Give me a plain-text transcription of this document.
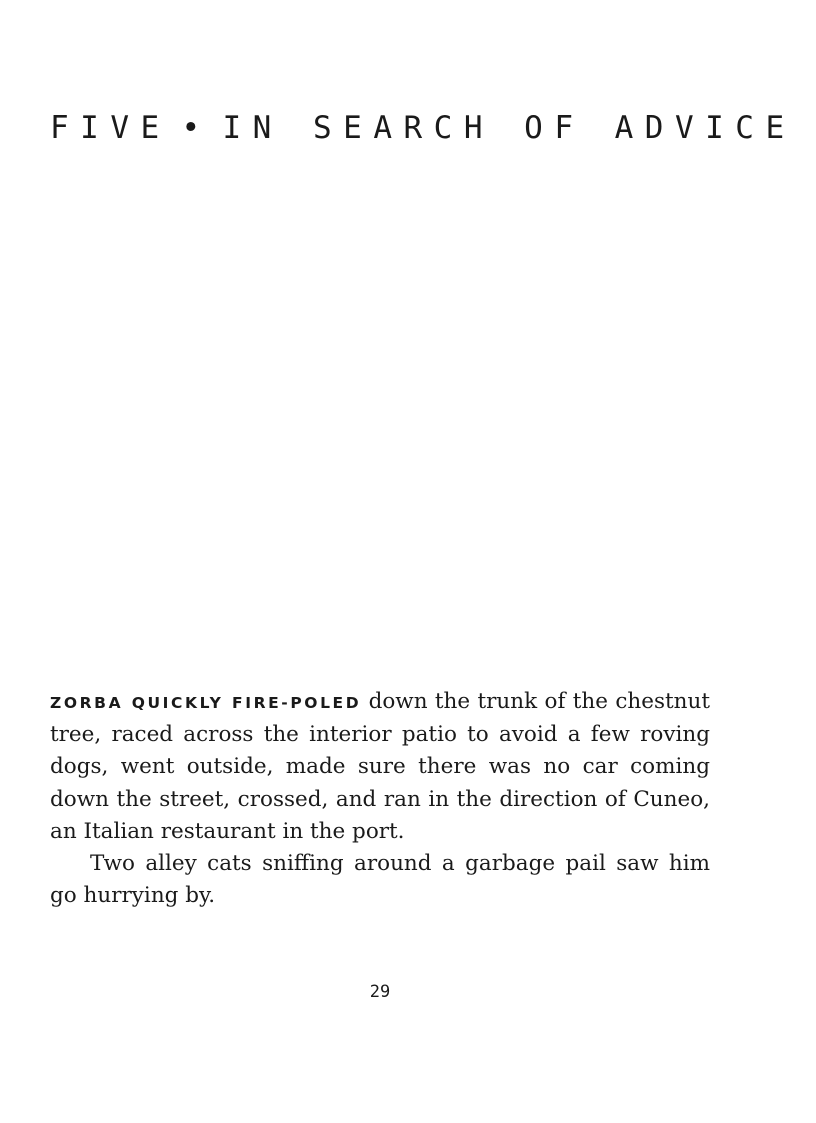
FIVE • IN SEARCH OF ADVICE

ZORBA QUICKLY FIRE-POLED down the trunk of the chestnut tree, raced across the interior patio to avoid a few roving dogs, went outside, made sure there was no car coming down the street, crossed, and ran in the direction of Cuneo, an Italian restaurant in the port.

Two alley cats sniffing around a garbage pail saw him go hurrying by.

29
